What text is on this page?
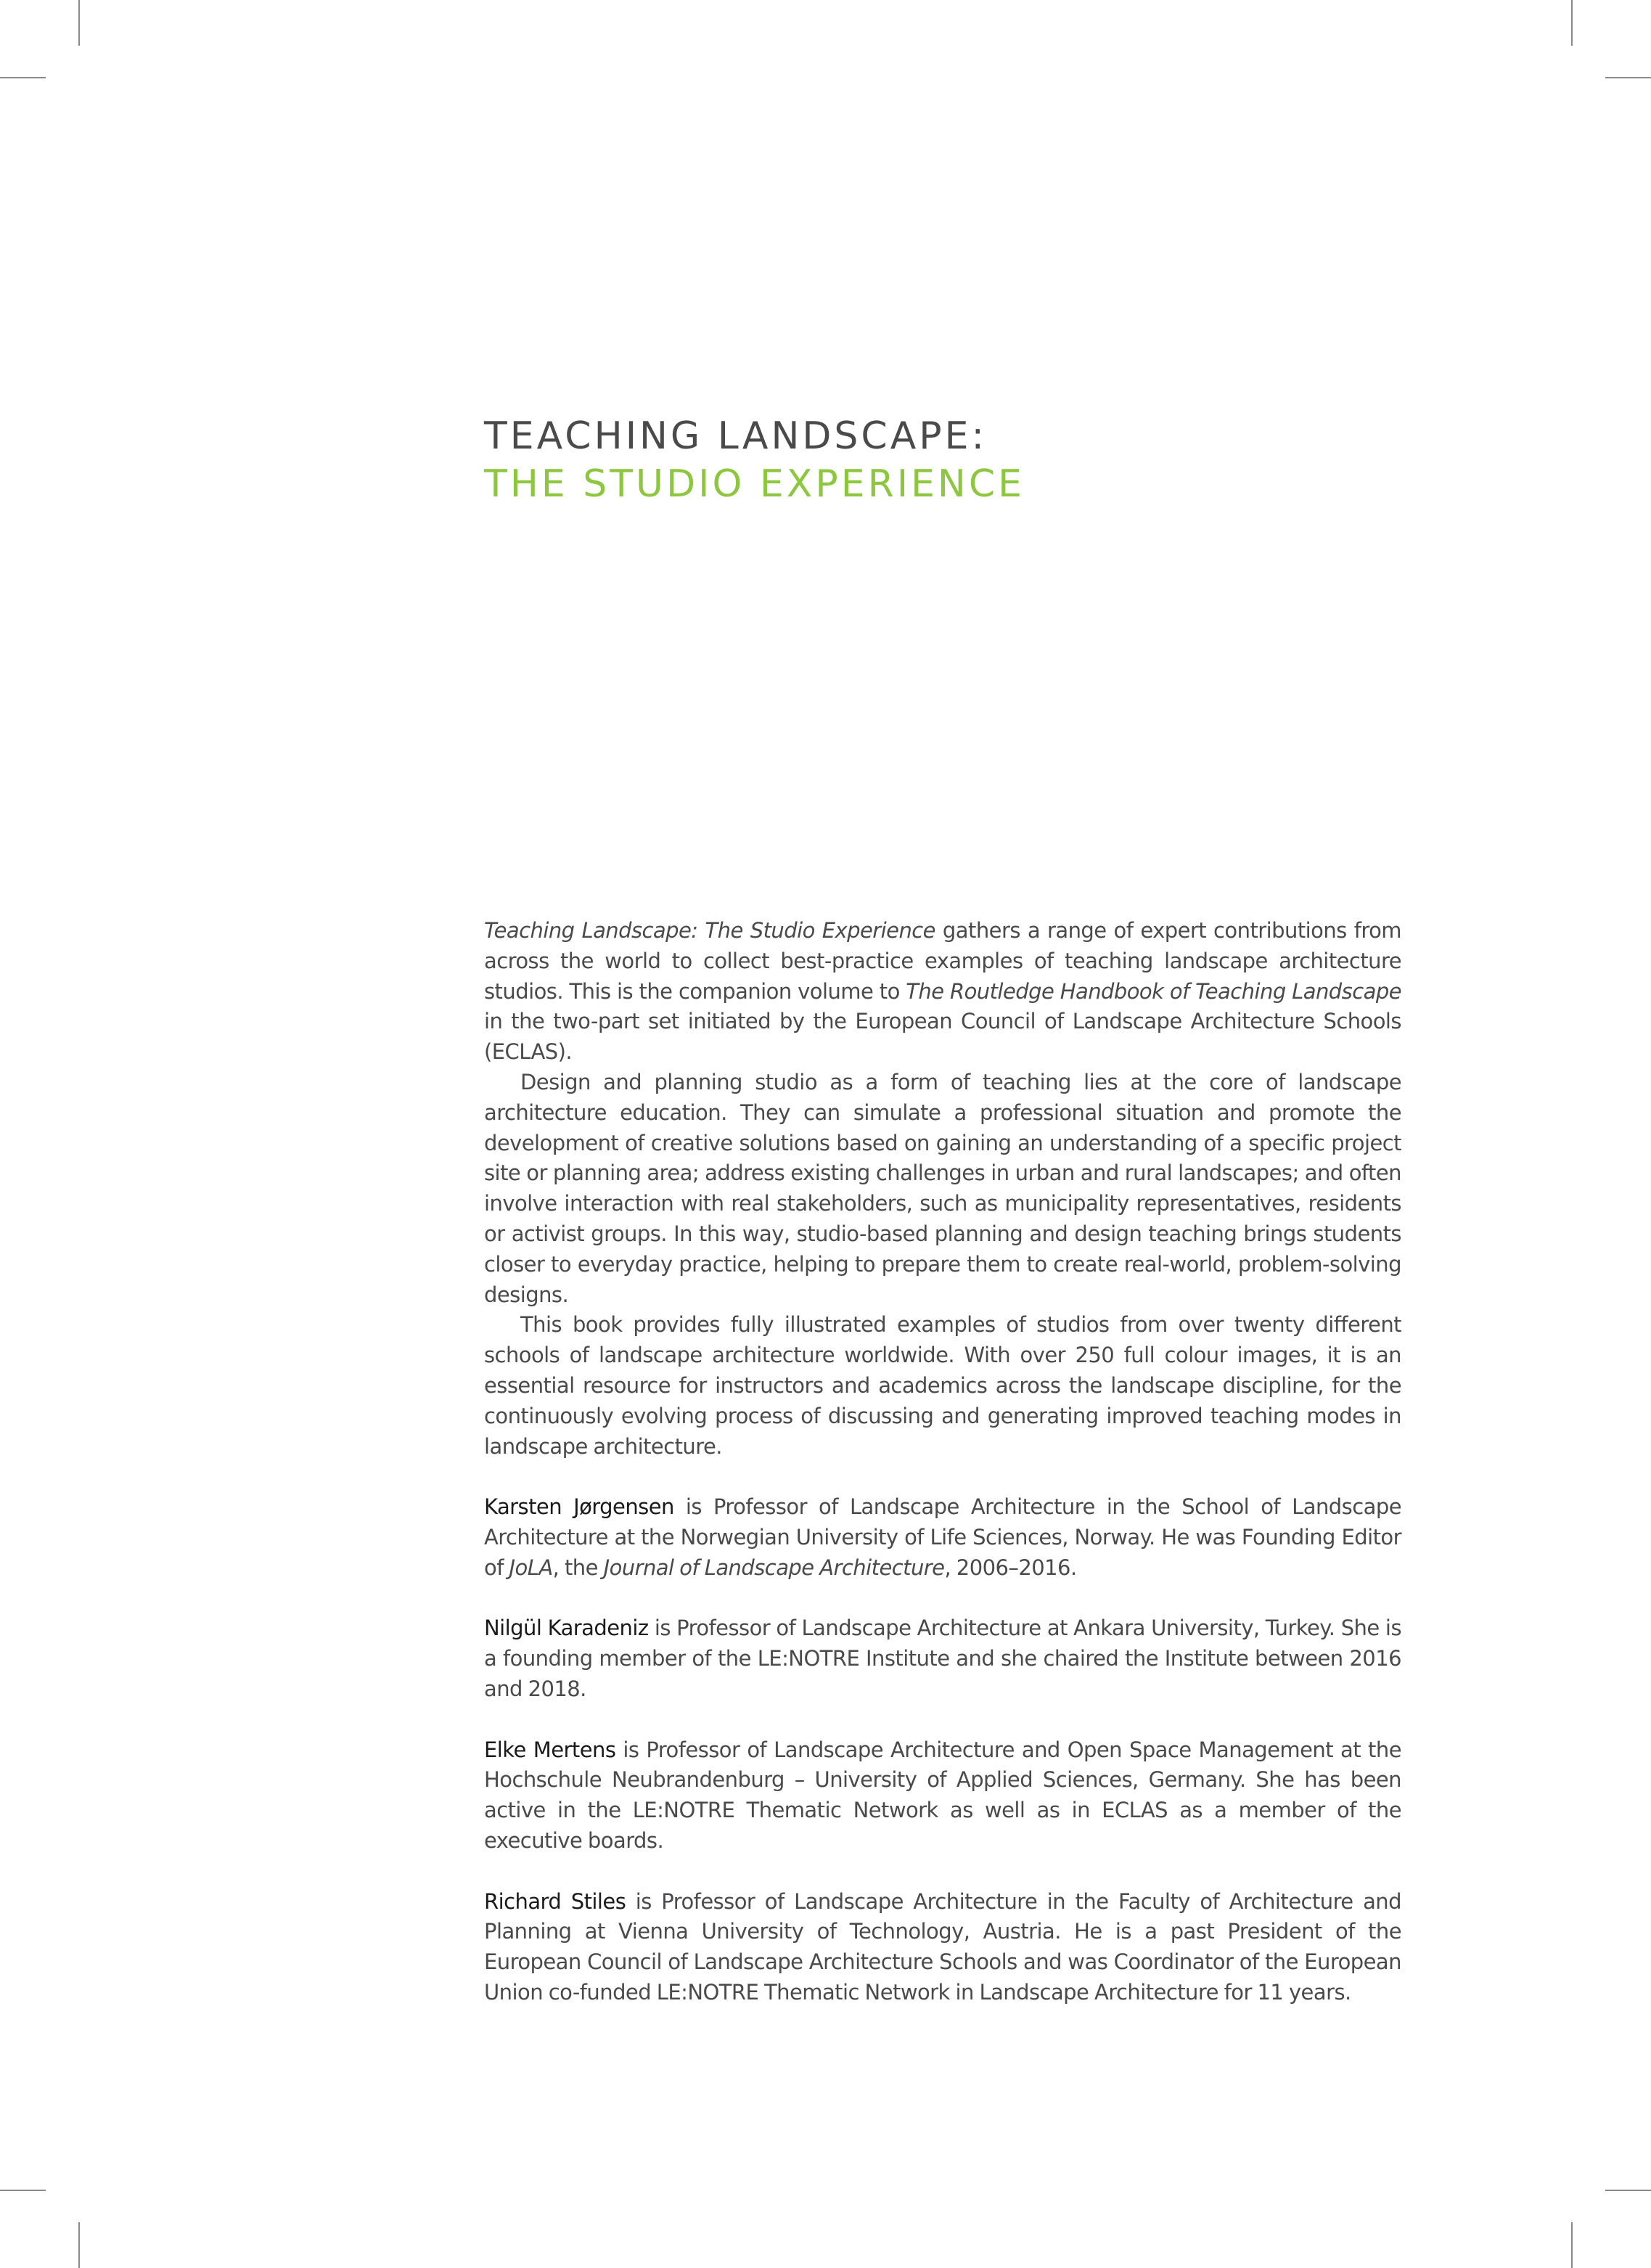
TEACHING LANDSCAPE:
THE STUDIO EXPERIENCE

Teaching Landscape: The Studio Experience gathers a range of expert contributions from across the world to collect best-practice examples of teaching landscape architecture studios. This is the companion volume to The Routledge Handbook of Teaching Landscape in the two-part set initiated by the European Council of Landscape Architecture Schools (ECLAS).

Design and planning studio as a form of teaching lies at the core of landscape architecture education. They can simulate a professional situation and promote the development of creative solutions based on gaining an understanding of a specific project site or planning area; address existing challenges in urban and rural landscapes; and often involve interaction with real stakeholders, such as municipality representatives, residents or activist groups. In this way, studio-based planning and design teaching brings students closer to everyday practice, helping to prepare them to create real-world, problem-solving designs.

This book provides fully illustrated examples of studios from over twenty different schools of landscape architecture worldwide. With over 250 full colour images, it is an essential resource for instructors and academics across the landscape discipline, for the continuously evolving process of discussing and generating improved teaching modes in landscape architecture.

Karsten Jørgensen is Professor of Landscape Architecture in the School of Landscape Architecture at the Norwegian University of Life Sciences, Norway. He was Founding Editor of JoLA, the Journal of Landscape Architecture, 2006–2016.

Nilgül Karadeniz is Professor of Landscape Architecture at Ankara University, Turkey. She is a founding member of the LE:NOTRE Institute and she chaired the Institute between 2016 and 2018.

Elke Mertens is Professor of Landscape Architecture and Open Space Management at the Hochschule Neubrandenburg – University of Applied Sciences, Germany. She has been active in the LE:NOTRE Thematic Network as well as in ECLAS as a member of the executive boards.

Richard Stiles is Professor of Landscape Architecture in the Faculty of Architecture and Planning at Vienna University of Technology, Austria. He is a past President of the European Council of Landscape Architecture Schools and was Coordinator of the European Union co-funded LE:NOTRE Thematic Network in Landscape Architecture for 11 years.
